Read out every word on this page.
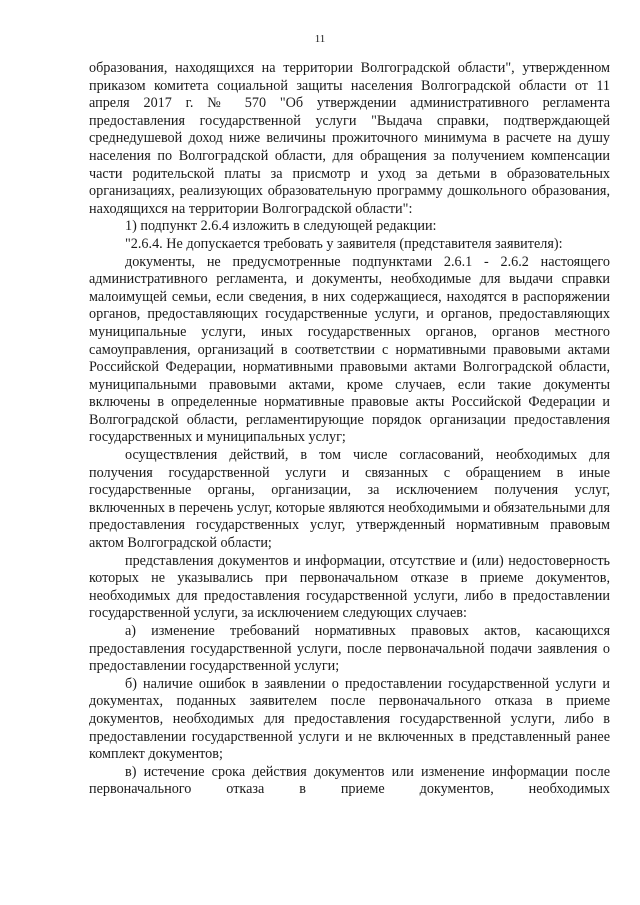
11

образования, находящихся на территории Волгоградской области", утвержденном приказом комитета социальной защиты населения Волгоградской области от 11 апреля 2017 г. № 570 "Об утверждении административного регламента предоставления государственной услуги "Выдача справки, подтверждающей среднедушевой доход ниже величины прожиточного минимума в расчете на душу населения по Волгоградской области, для обращения за получением компенсации части родительской платы за присмотр и уход за детьми в образовательных организациях, реализующих образовательную программу дошкольного образования, находящихся на территории Волгоградской области":

1) подпункт 2.6.4 изложить в следующей редакции:

"2.6.4. Не допускается требовать у заявителя (представителя заявителя):

документы, не предусмотренные подпунктами 2.6.1 - 2.6.2 настоящего административного регламента, и документы, необходимые для выдачи справки малоимущей семьи, если сведения, в них содержащиеся, находятся в распоряжении органов, предоставляющих государственные услуги, и органов, предоставляющих муниципальные услуги, иных государственных органов, органов местного самоуправления, организаций в соответствии с нормативными правовыми актами Российской Федерации, нормативными правовыми актами Волгоградской области, муниципальными правовыми актами, кроме случаев, если такие документы включены в определенные нормативные правовые акты Российской Федерации и Волгоградской области, регламентирующие порядок организации предоставления государственных и муниципальных услуг;

осуществления действий, в том числе согласований, необходимых для получения государственной услуги и связанных с обращением в иные государственные органы, организации, за исключением получения услуг, включенных в перечень услуг, которые являются необходимыми и обязательными для предоставления государственных услуг, утвержденный нормативным правовым актом Волгоградской области;

представления документов и информации, отсутствие и (или) недостоверность которых не указывались при первоначальном отказе в приеме документов, необходимых для предоставления государственной услуги, либо в предоставлении государственной услуги, за исключением следующих случаев:

а) изменение требований нормативных правовых актов, касающихся предоставления государственной услуги, после первоначальной подачи заявления о предоставлении государственной услуги;

б) наличие ошибок в заявлении о предоставлении государственной услуги и документах, поданных заявителем после первоначального отказа в приеме документов, необходимых для предоставления государственной услуги, либо в предоставлении государственной услуги и не включенных в представленный ранее комплект документов;

в) истечение срока действия документов или изменение информации после первоначального отказа в приеме документов, необходимых
